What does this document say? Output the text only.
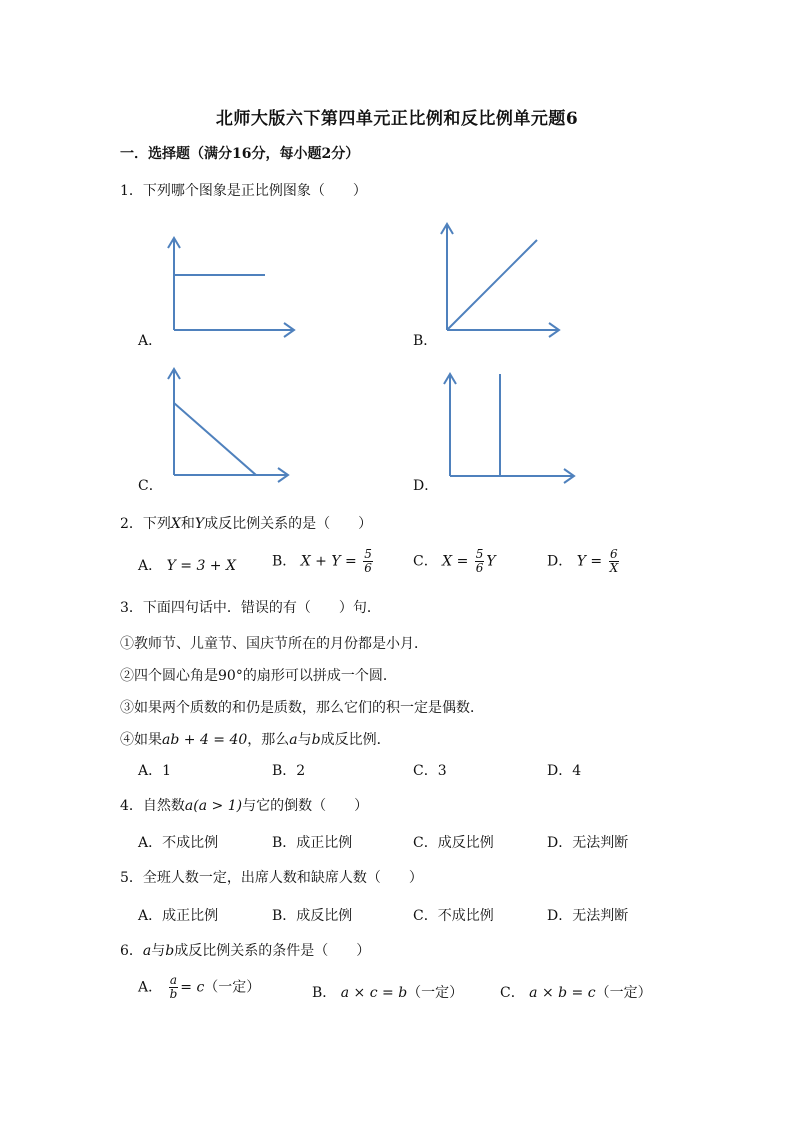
北师大版六下第四单元正比例和反比例单元题6
一．选择题（满分16分，每小题2分）
1．下列哪个图象是正比例图象（　　）
A．	B．
C．	D．
2．下列X和Y成反比例关系的是（　　）
A． Y = 3 + X	B． $X + Y = \frac{5}{6}$	C． $X = \frac{5}{6}$ Y	D． $Y = \frac{6}{X}$
3．下面四句话中．错误的有（　　）句．
①教师节、儿童节、国庆节所在的月份都是小月．
②四个圆心角是90°的扇形可以拼成一个圆．
③如果两个质数的和仍是质数，那么它们的积一定是偶数．
④如果ab + 4 = 40，那么a与b成反比例．
A．1	B．2	C．3	D．4
4．自然数a(a > 1)与它的倒数（　　）
A．不成比例	B．成正比例	C．成反比例	D．无法判断
5．全班人数一定，出席人数和缺席人数（　　）
A．成正比例	B．成反比例	C．不成比例	D．无法判断
6．a与b成反比例关系的条件是（　　）
A． $\frac{a}{b} = c$（一定）	B． a × c = b（一定）	C． a × b = c（一定）
